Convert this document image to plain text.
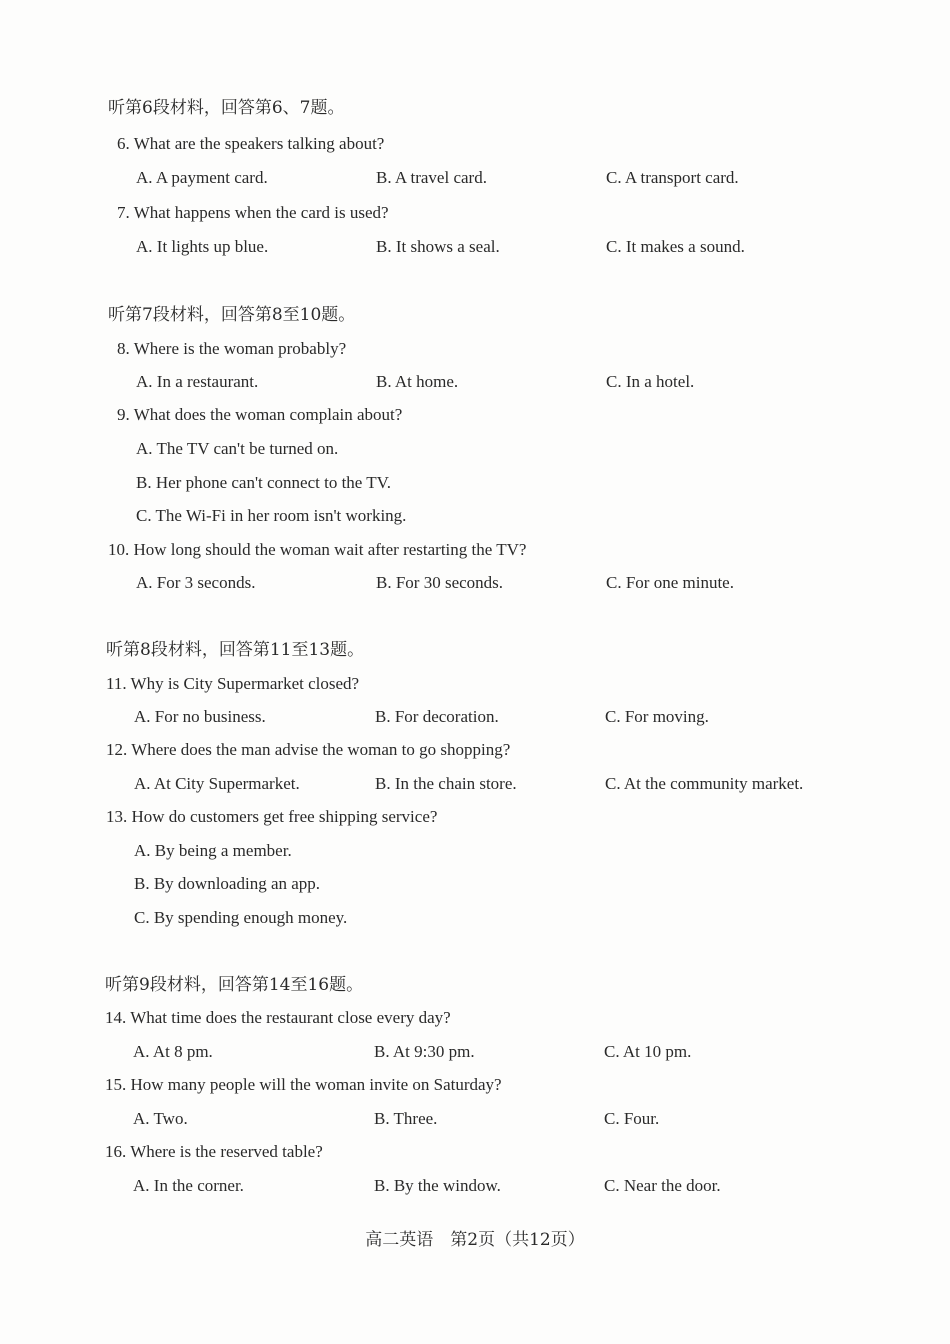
听第6段材料，回答第6、7题。
6. What are the speakers talking about?
A. A payment card.	B. A travel card.	C. A transport card.
7. What happens when the card is used?
A. It lights up blue.	B. It shows a seal.	C. It makes a sound.
听第7段材料，回答第8至10题。
8. Where is the woman probably?
A. In a restaurant.	B. At home.	C. In a hotel.
9. What does the woman complain about?
A. The TV can't be turned on.
B. Her phone can't connect to the TV.
C. The Wi-Fi in her room isn't working.
10. How long should the woman wait after restarting the TV?
A. For 3 seconds.	B. For 30 seconds.	C. For one minute.
听第8段材料，回答第11至13题。
11. Why is City Supermarket closed?
A. For no business.	B. For decoration.	C. For moving.
12. Where does the man advise the woman to go shopping?
A. At City Supermarket.	B. In the chain store.	C. At the community market.
13. How do customers get free shipping service?
A. By being a member.
B. By downloading an app.
C. By spending enough money.
听第9段材料，回答第14至16题。
14. What time does the restaurant close every day?
A. At 8 pm.	B. At 9:30 pm.	C. At 10 pm.
15. How many people will the woman invite on Saturday?
A. Two.	B. Three.	C. Four.
16. Where is the reserved table?
A. In the corner.	B. By the window.	C. Near the door.
高二英语　第2页（共12页）
